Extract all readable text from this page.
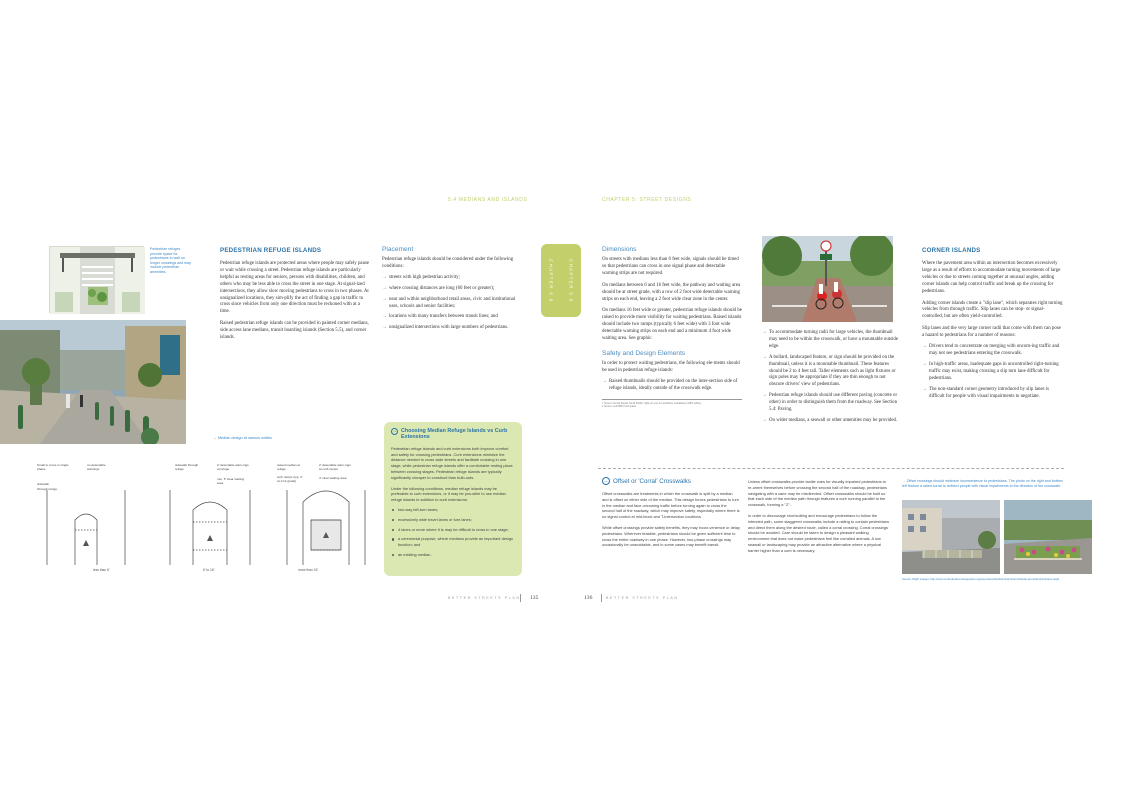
5.4 MEDIANS AND ISLANDS	CHAPTER 5: STREET DESIGNS
CHAPTER 5.0	CHAPTER 5.0
Pedestrian refuges provide space for pedestrians to wait on longer crossings and may include pedestrian amenities.
→ Median design at various widths
PEDESTRIAN REFUGE ISLANDS

Pedestrian refuge islands are protected areas where people may safely pause or wait while crossing a street. Pedestrian refuge islands are particularly helpful as resting areas for seniors, persons with disabilities, children, and others who may be less able to cross the street in one stage. At signal-ized intersections, they allow slow moving pedestrians to cross in two phases. At unsignalized locations, they sim-plify the act of finding a gap in traffic to cross since vehicles from only one direction must be reckoned with at a time.

Raised pedestrian refuge islands can be provided in painted corner medians, side access lane medians, transit boarding islands (Section 5.5), and corner islands.

Small to cross in single phase
no detectable warnings
sidewalk
through refuge
less than 6'
sidewalk through refuge
2' detectable warn-ings at refuge
min. 5' clear waiting area
6' to 16'
raised median at refuge
2' detectable warn-ings at curb ramps
curb ramps (typ. 2' at 1:12 grade)
4' clear waiting area
more than 16'
Placement

Pedestrian refuge islands should be considered under the following conditions:

→ streets with high pedestrian activity;
→ where crossing distances are long (60 feet or greater);
→ near and within neighborhood retail areas, civic and institutional uses, schools and senior facilities;
→ locations with many transfers between transit lines; and
→ unsignalized intersections with large numbers of pedestrians.
→ Choosing Median Refuge Islands vs Curb Extensions

Pedestrian refuge islands and curb extensions both improve comfort and safety for crossing pedestrians. Curb extensions minimize the distance needed to cross wide streets and facilitate crossing in one stage, while pedestrian refuge islands offer a comfortable resting place between crossing stages. Pedestrian refuge islands are typically significantly cheaper to construct than bulb-outs.

Under the following conditions, median refuge islands may be preferable to curb extensions, or it may be pos-sible to use median refuge islands in addition to curb extensions:

two-way left-turn lanes;
excessively wide travel lanes or turn lanes;
4 lanes or more where it is may be difficult to cross in one stage;
a ceremonial purpose, where medians provide an important design function; and
an existing median.
Dimensions

On streets with medians less than 6 feet wide, signals should be timed so that pedestrians can cross in one signal phase and detectable warning strips are not required.

On medians between 6 and 16 feet wide, the pathway and waiting area should be at street grade, with a row of 2 foot wide detectable warning strips on each end, leaving a 2 foot wide clear zone in the center.

On medians 16 feet wide or greater, pedestrian refuge islands should be raised to provide more visibility for waiting pedestrians. Raised islands should include two ramps (typically 6 feet wide) with 3 foot wide detectable warning strips on each end and a minimum 4 foot wide waiting area. See graphic.

Safety and Design Elements

In order to protect waiting pedestrians, the following ele-ments should be used in pedestrian refuge islands:

→ Raised thumbnails should be provided on the inter-section side of refuge islands, ideally outside of the crosswalk edge.
1 Source: Kevin Rosell, Draft Public right-of-way Accessibility Guidelines (2005 ADA).
2 Source: AASHTO and panel
→ To accommodate turning radii for large vehicles, the thumbnail may need to be within the crosswalk, or have a mountable outside edge.
→ A bollard, landscaped feature, or sign should be provided on the thumbnail, unless it is a mountable thumbnail. These features should be 2 to 4 feet tall. Taller elements such as light fixtures or sign poles may be appropriate if they are thin enough to not obscure drivers' view of pedestrians.
→ Pedestrian refuge islands should use different paving (concrete or other) in order to distinguish them from the roadway. See Section 5.4: Paving.
→ On wider medians, a seawall or other amenities may be provided.
CORNER ISLANDS

Where the pavement area within an intersection becomes excessively large as a result of efforts to accommodate turning movements of large vehicles or due to streets coming together at unusual angles, adding corner islands can help control traffic and break up the crossing for pedestrians.

Adding corner islands create a "slip lane", which separates right turning vehicles from through traffic. Slip lanes can be stop- or signal-controlled, but are often yield-controlled.

Slip lanes and the very large corner radii that come with them can pose a hazard to pedestrians for a number of reasons:

→ Drivers tend to concentrate on merging with oncom-ing traffic and may not see pedestrians entering the crosswalk.
→ In high-traffic areas, inadequate gaps in uncontrolled right-turning traffic may exist, making crossing a slip turn lane difficult for pedestrians.
→ The non-standard corner geometry introduced by slip lanes is difficult for people with visual impairments to negotiate.
→ Offset or 'Corral' Crosswalks

Offset crosswalks are treatments in which the crosswalk is split by a median and is offset on either side of the median. This design forces pedestrians to turn in the median and face oncoming traffic before turning again to cross the second half of the roadway, which may improve safety, especially where there is no signal control at mid-block and T-intersection locations.

While offset crossings provide safety benefits, they may incon-venience or delay pedestrians. Wherever feasible, pedestrians should be given sufficient time to cross the entire roadway in one phase. However, two-phase crossings may occasionally be unavoidable, and in some cases may benefit transit.

Unless offset crosswalks provide tactile cues for visually impaired pedestrians to re-orient themselves before crossing the second half of the roadway, pedestrians navigating with a cane may be misdirected. Offset crosswalks should be built so that each side of the median path through features a curb running parallel to the crosswalk, forming a "Z".

In order to discourage shortcutting and encourage pedestrians to follow the intended path, some staggered crosswalks include a railing to contain pedestrians and direct them along the desired route, called a corral crossing. Corral crossings should be avoided. Care should be taken to design a pleasant walking environment that does not make pedestrians feel like corralled animals. A low seawall or landscaping may provide an attractive alternative where a physical barrier higher than a curb is necessary.

→ Offset crossings should minimize inconvenience to pedestrians. The photo on the right and bottom left feature a railed corral to redirect people with visual impairments to the direction of the crosswalk.
Source: Right images: http://www.confederationdesignpark.org/greenstreet/bulletin/trail-final-mithaufe-arrow/ferdyck/place.asp#
BETTER STREETS PLAN 135	136	BETTER STREETS PLAN
